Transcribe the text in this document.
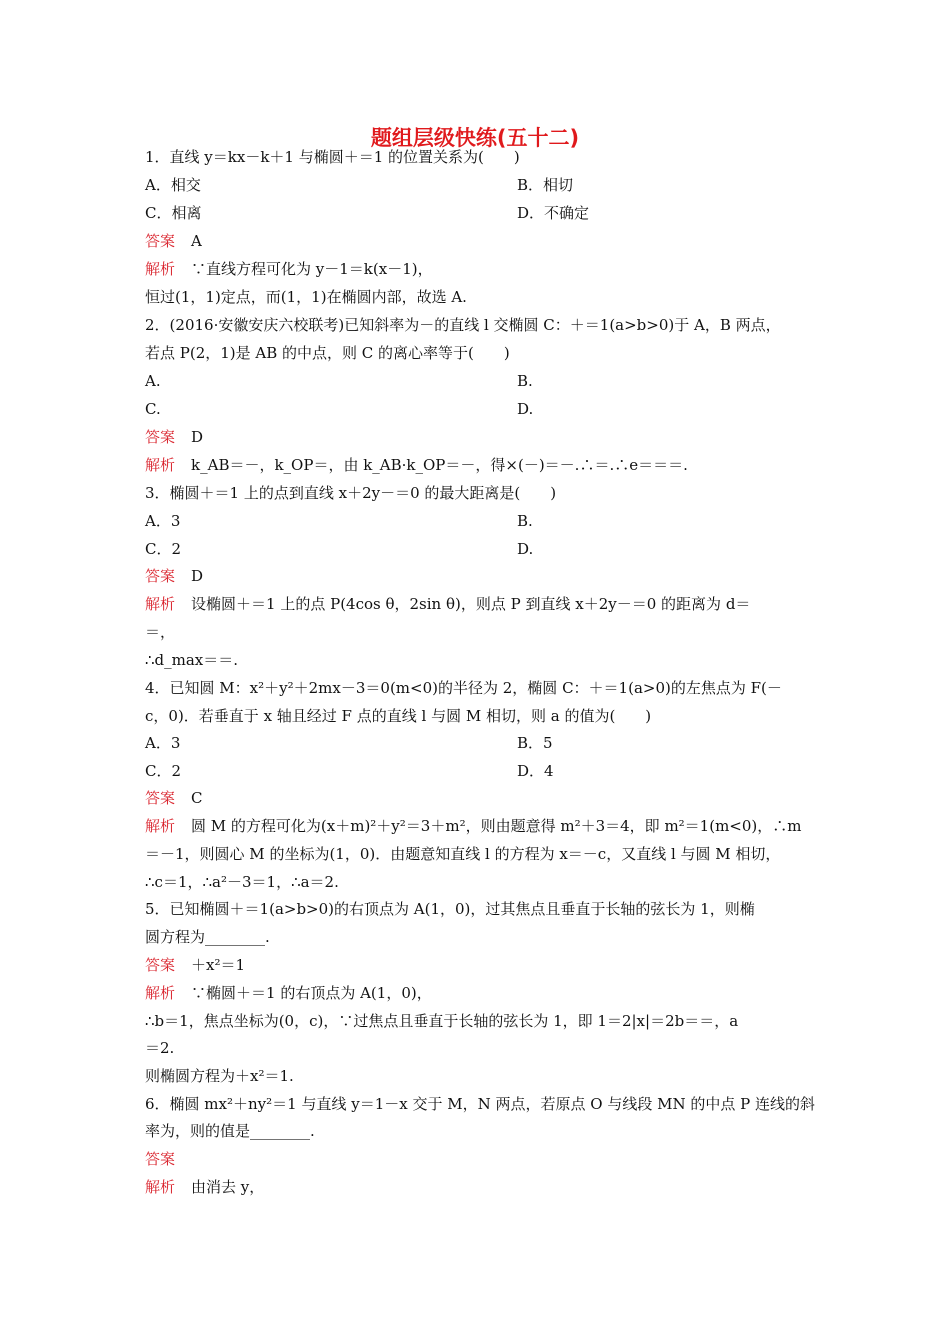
题组层级快练(五十二)
1．直线 y＝kx－k＋1 与椭圆＋＝1 的位置关系为(　　)
A．相交	B．相切
C．相离	D．不确定
答案 A
解析 ∵直线方程可化为 y－1＝k(x－1)，
恒过(1，1)定点，而(1，1)在椭圆内部，故选 A.
2．(2016·安徽安庆六校联考)已知斜率为－的直线 l 交椭圆 C：＋＝1(a>b>0)于 A，B 两点，
若点 P(2，1)是 AB 的中点，则 C 的离心率等于(　　)
A.	B.
C.	D.
答案 D
解析 k_AB＝－，k_OP＝，由 k_AB·k_OP＝－，得×(－)＝－.∴＝.∴e＝＝＝.
3．椭圆＋＝1 上的点到直线 x＋2y－＝0 的最大距离是(　　)
A．3	B.
C．2	D.
答案 D
解析 设椭圆＋＝1 上的点 P(4cos θ，2sin θ)，则点 P 到直线 x＋2y－＝0 的距离为 d＝
＝，
∴d_max＝＝.
4．已知圆 M：x²＋y²＋2mx－3＝0(m<0)的半径为 2，椭圆 C：＋＝1(a>0)的左焦点为 F(－
c，0)．若垂直于 x 轴且经过 F 点的直线 l 与圆 M 相切，则 a 的值为(　　)
A．3	B．5
C．2	D．4
答案 C
解析 圆 M 的方程可化为(x＋m)²＋y²＝3＋m²，则由题意得 m²＋3＝4，即 m²＝1(m<0)，∴m
＝－1，则圆心 M 的坐标为(1，0)．由题意知直线 l 的方程为 x＝－c，又直线 l 与圆 M 相切，
∴c＝1，∴a²－3＝1，∴a＝2.
5．已知椭圆＋＝1(a>b>0)的右顶点为 A(1，0)，过其焦点且垂直于长轴的弦长为 1，则椭
圆方程为________.
答案 ＋x²＝1
解析 ∵椭圆＋＝1 的右顶点为 A(1，0)，
∴b＝1，焦点坐标为(0，c)，∵过焦点且垂直于长轴的弦长为 1，即 1＝2|x|＝2b＝＝，a
＝2.
则椭圆方程为＋x²＝1.
6．椭圆 mx²＋ny²＝1 与直线 y＝1－x 交于 M，N 两点，若原点 O 与线段 MN 的中点 P 连线的斜
率为，则的值是________.
答案
解析 由消去 y，
